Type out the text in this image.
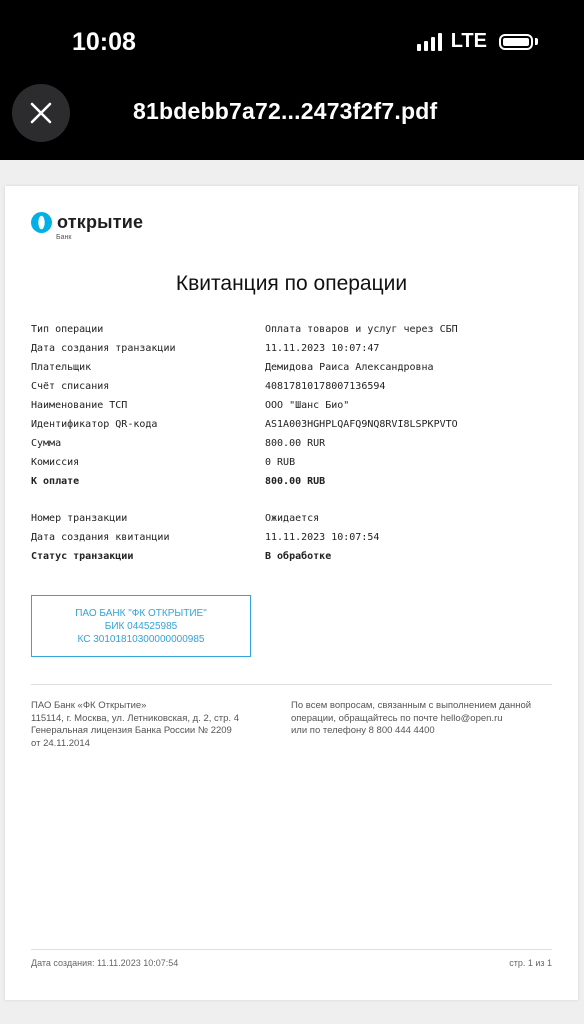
10:08	LTE
81bdebb7a72...2473f2f7.pdf
открытие
Банк
Квитанция по операции
Тип операции	Оплата товаров и услуг через СБП
Дата создания транзакции	11.11.2023 10:07:47
Плательщик	Демидова Раиса Александровна
Счёт списания	40817810178007136594
Наименование ТСП	ООО "Шанс Био"
Идентификатор QR-кода	AS1A003HGHPLQAFQ9NQ8RVI8LSPKPVTO
Сумма	800.00 RUR
Комиссия	0 RUB
К оплате	800.00 RUB
Номер транзакции	Ожидается
Дата создания квитанции	11.11.2023 10:07:54
Статус транзакции	В обработке
ПАО БАНК "ФК ОТКРЫТИЕ"
БИК 044525985
КС 30101810300000000985
ПАО Банк «ФК Открытие»
115114, г. Москва, ул. Летниковская, д. 2, стр. 4
Генеральная лицензия Банка России № 2209
от 24.11.2014
По всем вопросам, связанным с выполнением данной
операции, обращайтесь по почте hello@open.ru
или по телефону 8 800 444 4400
Дата создания: 11.11.2023 10:07:54	стр. 1 из 1
